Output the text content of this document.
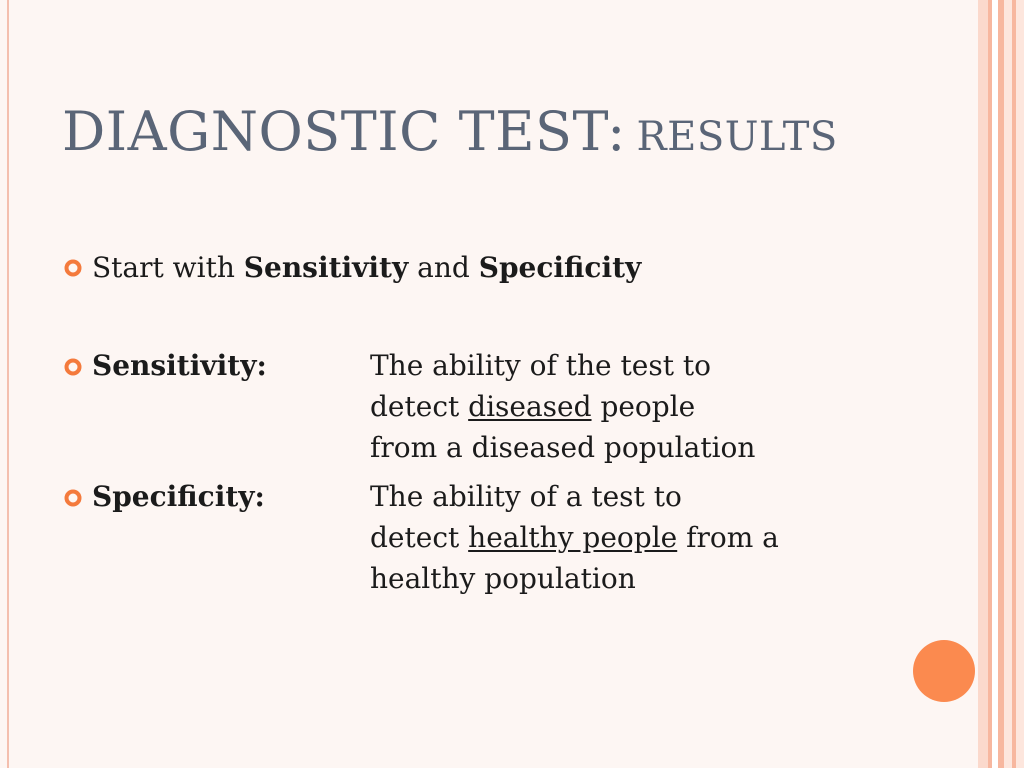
DIAGNOSTIC TEST: RESULTS
Start with Sensitivity and Specificity
Sensitivity:	The ability of the test to
detect diseased people
from a diseased population
Specificity:	The ability of a test to
detect healthy people from a
healthy population
